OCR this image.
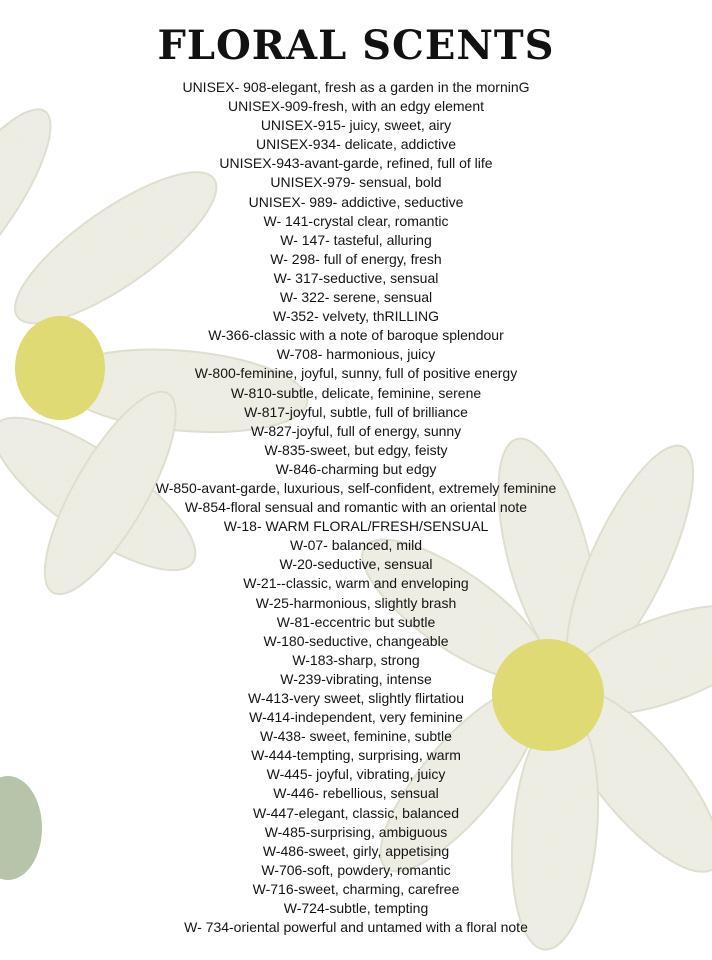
FLORAL SCENTS
UNISEX- 908-elegant, fresh as a garden in the morninG
UNISEX-909-fresh, with an edgy element
UNISEX-915- juicy, sweet, airy
UNISEX-934- delicate, addictive
UNISEX-943-avant-garde, refined, full of life
UNISEX-979- sensual, bold
UNISEX- 989- addictive, seductive
W- 141-crystal clear, romantic
W- 147- tasteful, alluring
W- 298- full of energy, fresh
W- 317-seductive, sensual
W- 322- serene, sensual
W-352- velvety, thRILLING
W-366-classic with a note of baroque splendour
W-708- harmonious, juicy
W-800-feminine, joyful, sunny, full of positive energy
W-810-subtle, delicate, feminine, serene
W-817-joyful, subtle, full of brilliance
W-827-joyful, full of energy, sunny
W-835-sweet, but edgy, feisty
W-846-charming but edgy
W-850-avant-garde, luxurious, self-confident, extremely feminine
W-854-floral sensual and romantic with an oriental note
W-18- WARM FLORAL/FRESH/SENSUAL
W-07- balanced, mild
W-20-seductive, sensual
W-21--classic, warm and enveloping
W-25-harmonious, slightly brash
W-81-eccentric but subtle
W-180-seductive, changeable
W-183-sharp, strong
W-239-vibrating, intense
W-413-very sweet, slightly flirtatiou
W-414-independent, very feminine
W-438- sweet, feminine, subtle
W-444-tempting, surprising, warm
W-445- joyful, vibrating, juicy
W-446- rebellious, sensual
W-447-elegant, classic, balanced
W-485-surprising, ambiguous
W-486-sweet, girly, appetising
W-706-soft, powdery, romantic
W-716-sweet, charming, carefree
W-724-subtle, tempting
W- 734-oriental powerful and untamed with a floral note
